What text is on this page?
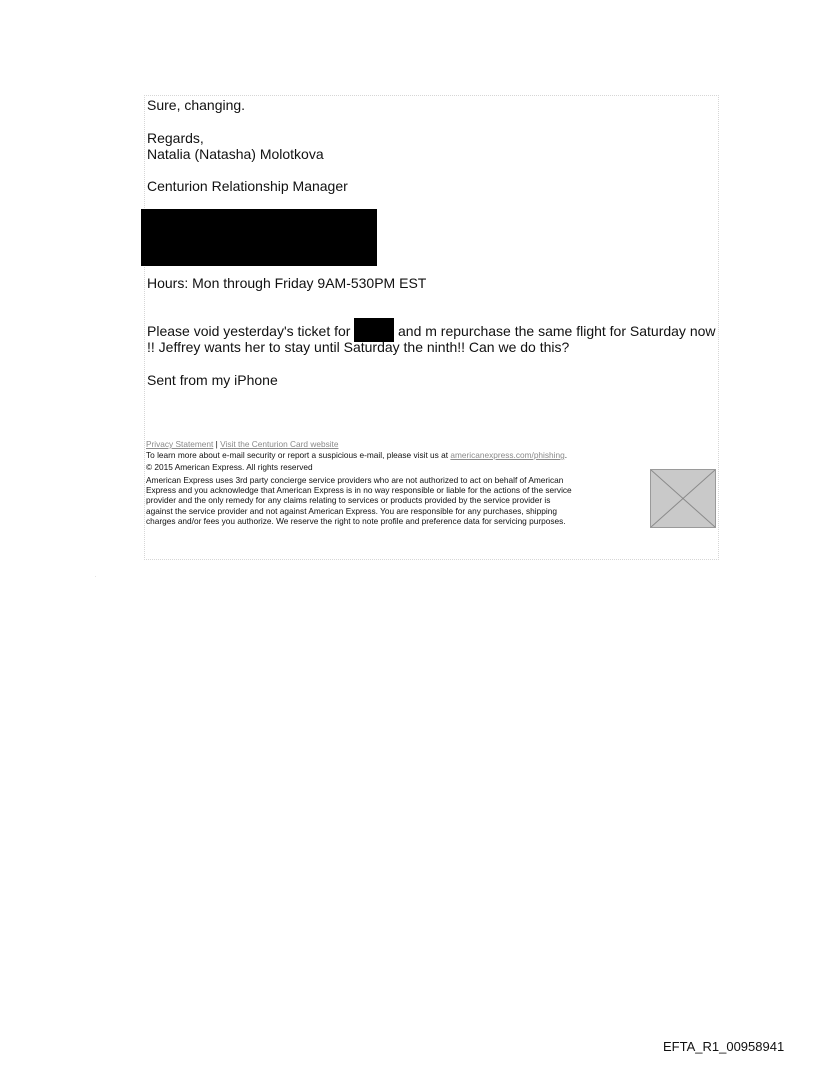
Sure, changing.
Regards,
Natalia (Natasha) Molotkova
Centurion Relationship Manager
Hours: Mon through Friday 9AM-530PM EST
Please void yesterday's ticket for	and m repurchase the same flight for Saturday now
!! Jeffrey wants her to stay until Saturday the ninth!! Can we do this?
Sent from my iPhone
Privacy Statement | Visit the Centurion Card website
To learn more about e-mail security or report a suspicious e-mail, please visit us at americanexpress.com/phishing.
© 2015 American Express. All rights reserved
American Express uses 3rd party concierge service providers who are not authorized to act on behalf of American
Express and you acknowledge that American Express is in no way responsible or liable for the actions of the service
provider and the only remedy for any claims relating to services or products provided by the service provider is
against the service provider and not against American Express. You are responsible for any purchases, shipping
charges and/or fees you authorize. We reserve the right to note profile and preference data for servicing purposes.
·
EFTA_R1_00958941
